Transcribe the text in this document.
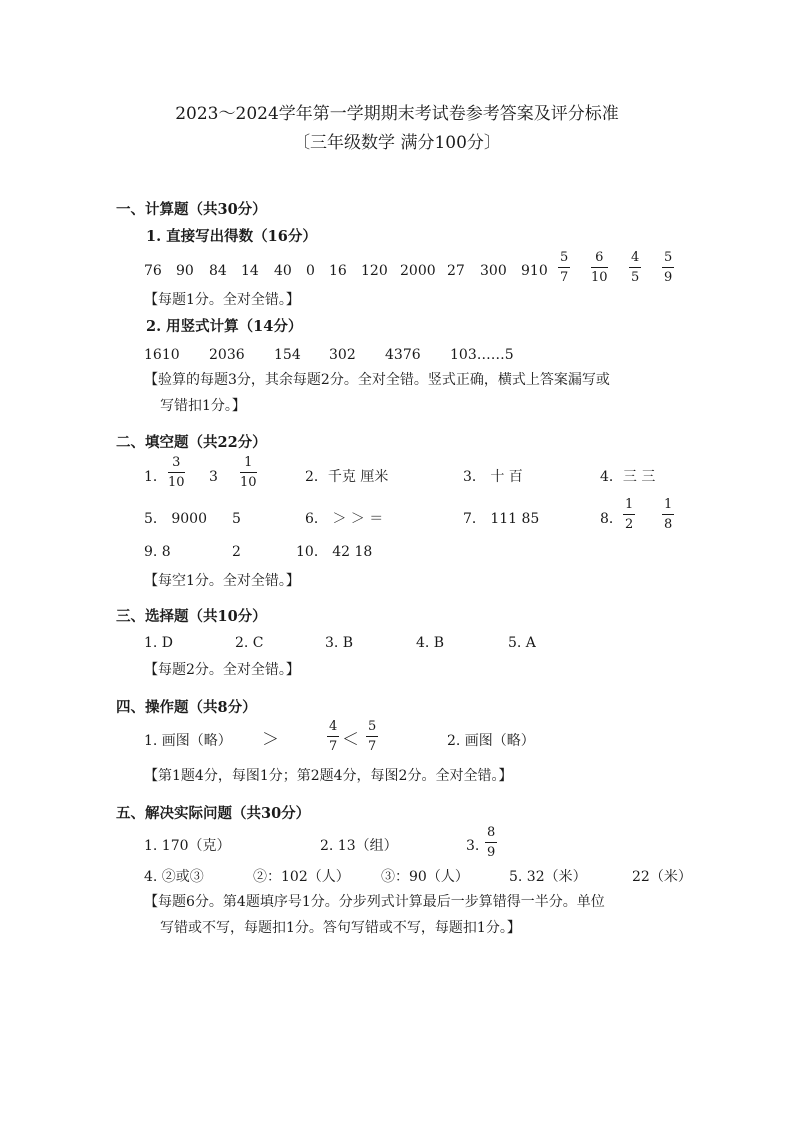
2023～2024学年第一学期期末考试卷参考答案及评分标准
〔三年级数学 满分100分〕
一、计算题（共30分）
1. 直接写出得数（16分）
76 90 84 14 40 0 16 120 2000 27 300 910
5
7
6
10
4
5
5
9
【每题1分。全对全错。】
2. 用竖式计算（14分）
1610 2036 154 302 4376 103……5
【验算的每题3分，其余每题2分。全对全错。竖式正确，横式上答案漏写或
写错扣1分。】
二、填空题（共22分）
1．
3
10 3
1
10	2．千克 厘米	3． 十 百	4．三 三
5． 9000 5	6． ＞ ＞ ＝	7． 111 85	8．
1
2
1
8
9. 8	2	10． 42 18
【每空1分。全对全错。】
三、选择题（共10分）
1. D	2. C	3. B	4. B	5. A
【每题2分。全对全错。】
四、操作题（共8分）
1. 画图（略） ＞
4
7 ＜
5
7	2. 画图（略）
【第1题4分，每图1分；第2题4分，每图2分。全对全错。】
五、解决实际问题（共30分）
1. 170（克）	2. 13（组）	3.
8
9
4. ②或③	②：102（人） ③：90（人）	5. 32（米）	22（米）
【每题6分。第4题填序号1分。分步列式计算最后一步算错得一半分。单位
写错或不写，每题扣1分。答句写错或不写，每题扣1分。】
